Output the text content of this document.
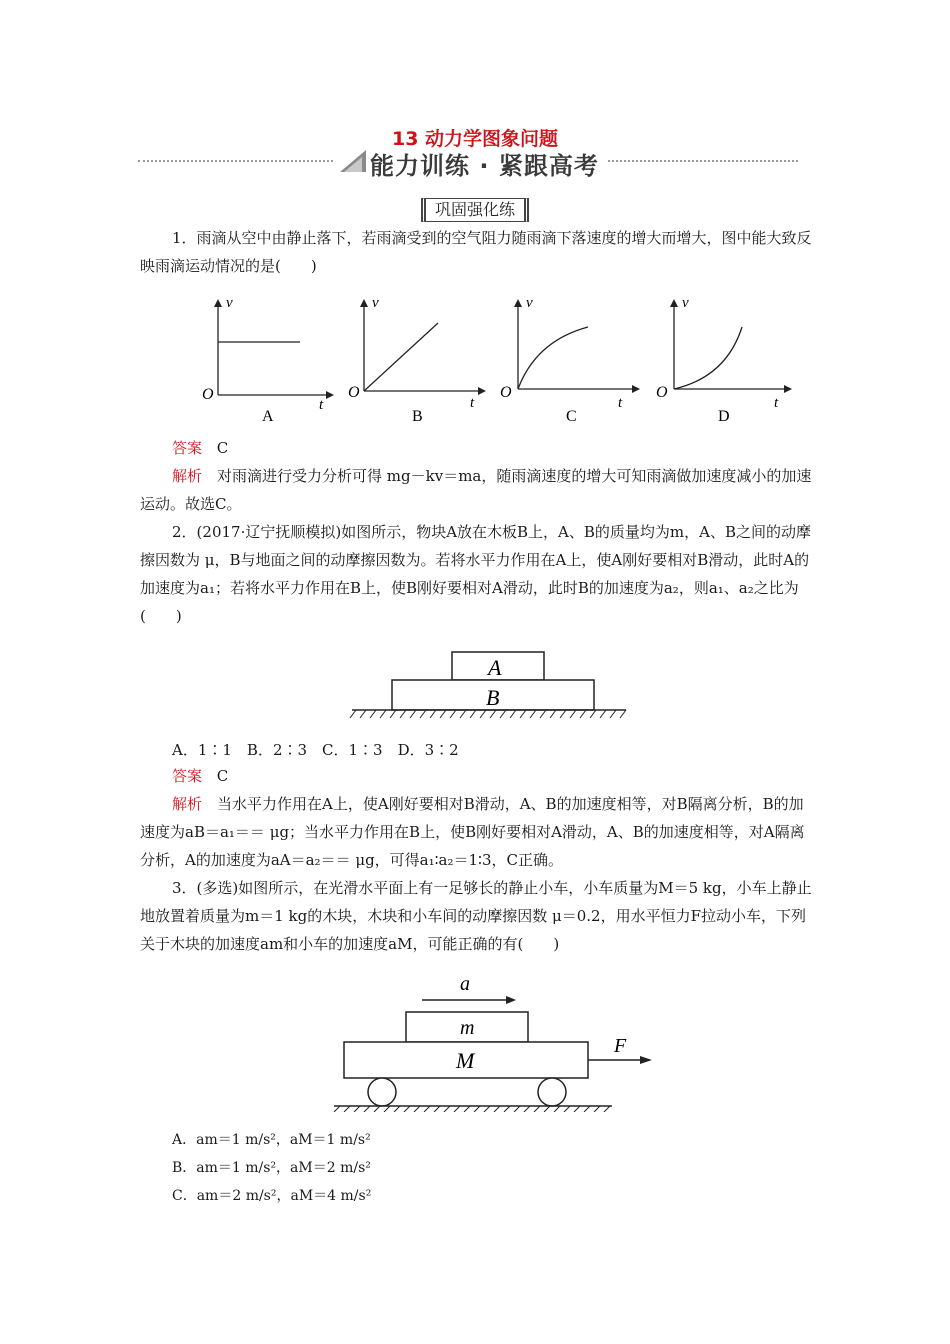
13 动力学图象问题
能力训练 · 紧跟高考
巩固强化练
1．雨滴从空中由静止落下，若雨滴受到的空气阻力随雨滴下落速度的增大而增大，图中能大致反映雨滴运动情况的是(　　)
v
t
O
A
v
t
O
B
v
t
O
C
v
t
O
D
答案 C
解析　 对雨滴进行受力分析可得 mg－kv＝ma，随雨滴速度的增大可知雨滴做加速度减小的加速运动。故选C。
2．(2017·辽宁抚顺模拟)如图所示，物块A放在木板B上，A、B的质量均为m，A、B之间的动摩擦因数为 μ，B与地面之间的动摩擦因数为。若将水平力作用在A上，使A刚好要相对B滑动，此时A的加速度为a₁；若将水平力作用在B上，使B刚好要相对A滑动，此时B的加速度为a₂，则a₁、a₂之比为(　　)
A
B
A．1∶1　B．2∶3　C．1∶3　D．3∶2
答案 C
解析　 当水平力作用在A上，使A刚好要相对B滑动，A、B的加速度相等，对B隔离分析，B的加速度为aB＝a₁＝＝ μg；当水平力作用在B上，使B刚好要相对A滑动，A、B的加速度相等，对A隔离分析，A的加速度为aA＝a₂＝＝ μg，可得a₁∶a₂＝1∶3，C正确。
3．(多选)如图所示，在光滑水平面上有一足够长的静止小车，小车质量为M＝5 kg，小车上静止地放置着质量为m＝1 kg的木块，木块和小车间的动摩擦因数 μ＝0.2，用水平恒力F拉动小车，下列关于木块的加速度am和小车的加速度aM，可能正确的有(　　)
a
m
M
F
A．am＝1 m/s²，aM＝1 m/s²
B．am＝1 m/s²，aM＝2 m/s²
C．am＝2 m/s²，aM＝4 m/s²
